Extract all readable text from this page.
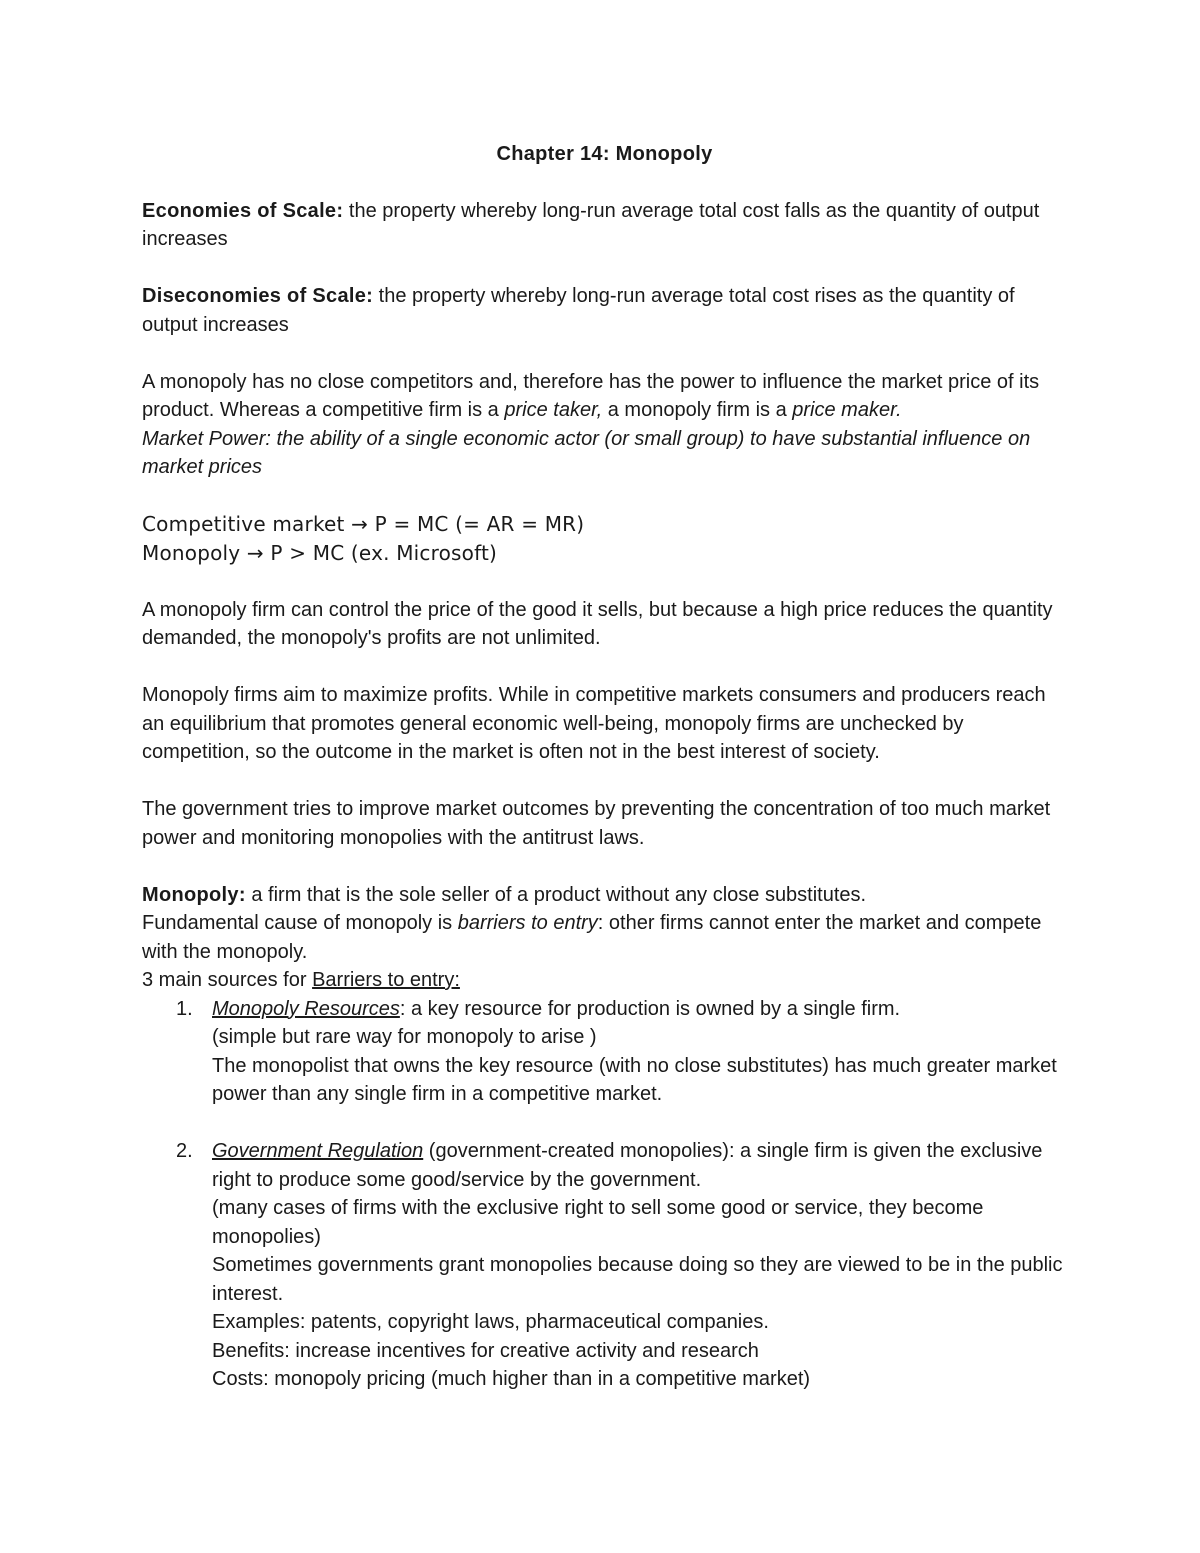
Chapter 14: Monopoly

Economies of Scale: the property whereby long-run average total cost falls as the quantity of output increases

Diseconomies of Scale: the property whereby long-run average total cost rises as the quantity of output increases

A monopoly has no close competitors and, therefore has the power to influence the market price of its product. Whereas a competitive firm is a price taker, a monopoly firm is a price maker.

Market Power: the ability of a single economic actor (or small group) to have substantial influence on market prices

Competitive market → P = MC (= AR = MR)

Monopoly → P > MC (ex. Microsoft)

A monopoly firm can control the price of the good it sells, but because a high price reduces the quantity demanded, the monopoly's profits are not unlimited.

Monopoly firms aim to maximize profits. While in competitive markets consumers and producers reach an equilibrium that promotes general economic well-being, monopoly firms are unchecked by competition, so the outcome in the market is often not in the best interest of society.

The government tries to improve market outcomes by preventing the concentration of too much market power and monitoring monopolies with the antitrust laws.

Monopoly: a firm that is the sole seller of a product without any close substitutes.

Fundamental cause of monopoly is barriers to entry: other firms cannot enter the market and compete with the monopoly.

3 main sources for Barriers to entry:

1. Monopoly Resources: a key resource for production is owned by a single firm.

(simple but rare way for monopoly to arise )

The monopolist that owns the key resource (with no close substitutes) has much greater market power than any single firm in a competitive market.

2. Government Regulation (government-created monopolies): a single firm is given the exclusive right to produce some good/service by the government.

(many cases of firms with the exclusive right to sell some good or service, they become monopolies)

Sometimes governments grant monopolies because doing so they are viewed to be in the public interest.

Examples: patents, copyright laws, pharmaceutical companies.

Benefits: increase incentives for creative activity and research

Costs: monopoly pricing (much higher than in a competitive market)
